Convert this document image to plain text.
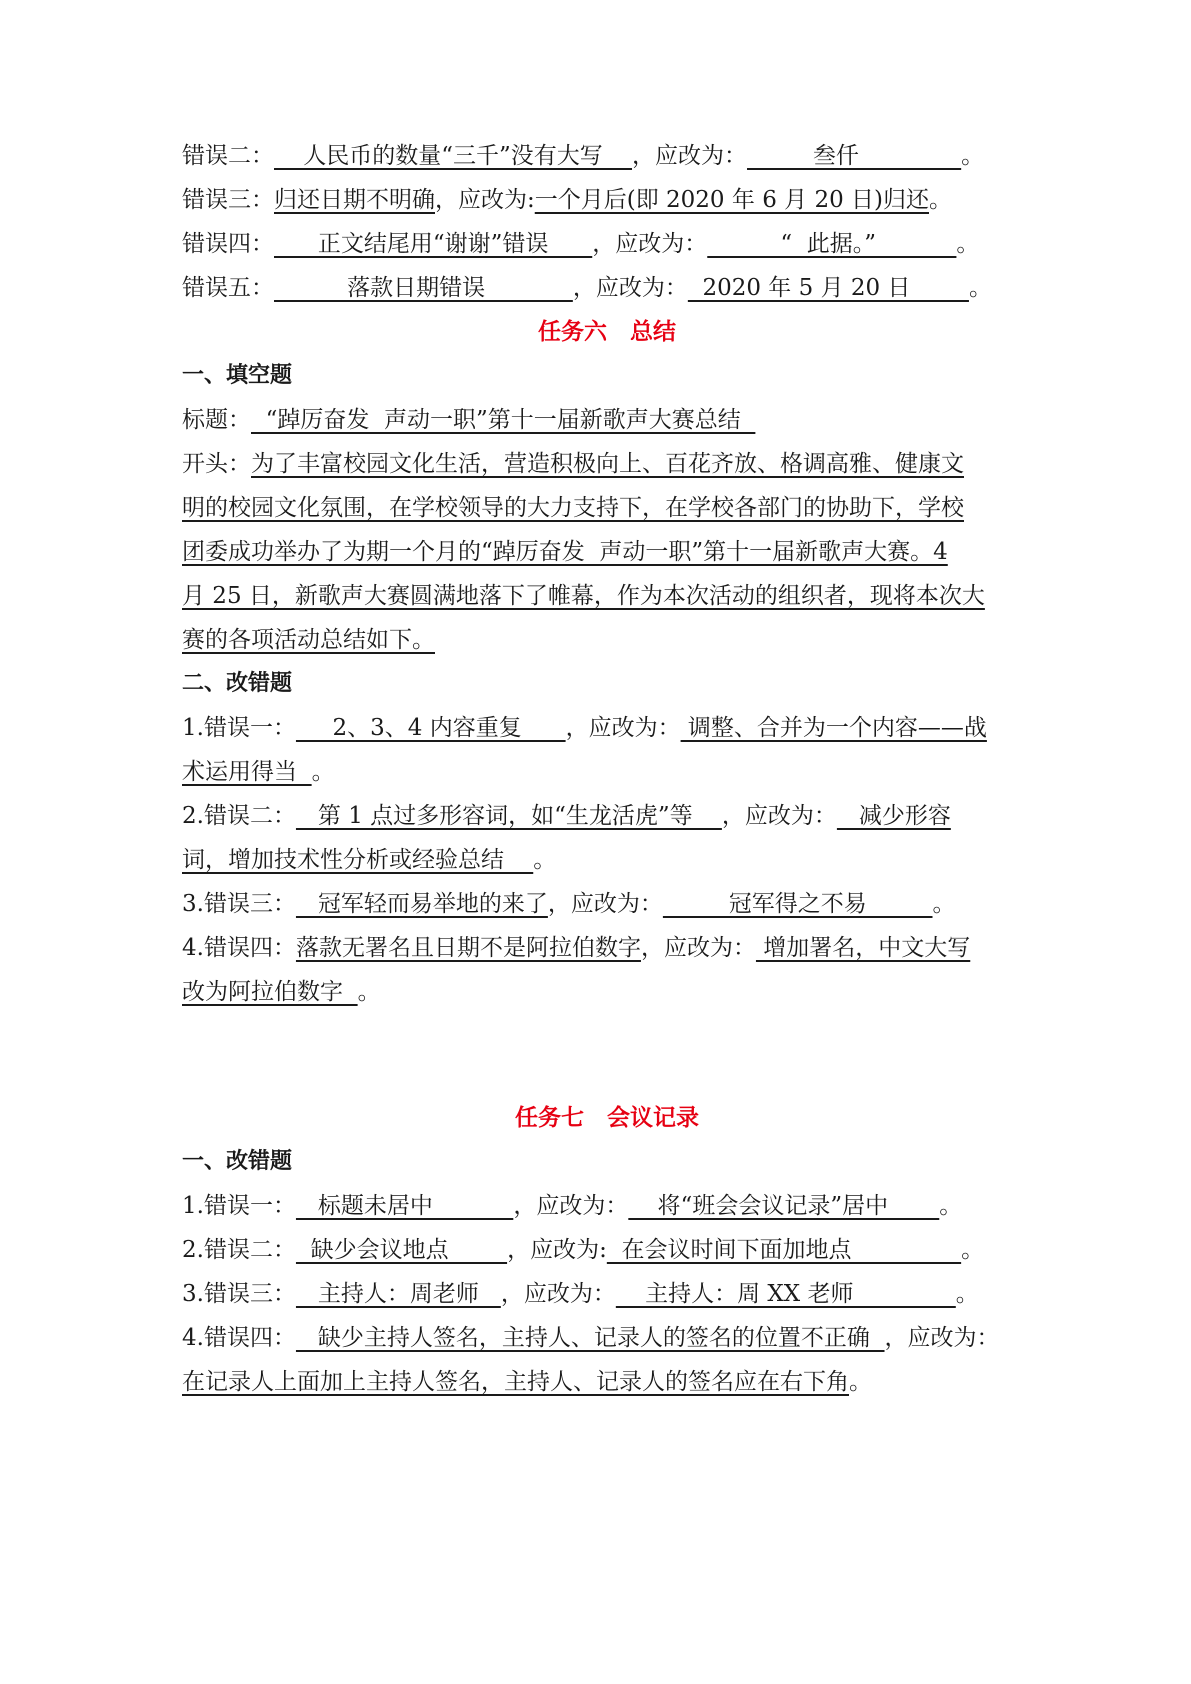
错误二：    人民币的数量“三千”没有大写    ，应改为：         叁仟              。
错误三：归还日期不明确，应改为:一个月后(即 2020 年 6 月 20 日)归还。
错误四：      正文结尾用“谢谢”错误      ，应改为：          “  此据。”           。
错误五：          落款日期错误            ，应改为：  2020 年 5 月 20 日        。
任务六　总结
一、填空题
标题：  “踔厉奋发  声动一职”第十一届新歌声大赛总结
开头：为了丰富校园文化生活，营造积极向上、百花齐放、格调高雅、健康文
明的校园文化氛围，在学校领导的大力支持下，在学校各部门的协助下，学校
团委成功举办了为期一个月的“踔厉奋发  声动一职”第十一届新歌声大赛。4
月 25 日，新歌声大赛圆满地落下了帷幕，作为本次活动的组织者，现将本次大
赛的各项活动总结如下。
二、改错题
1.错误一：     2、3、4 内容重复      ，应改为： 调整、合并为一个内容——战
术运用得当  。
2.错误二：   第 1 点过多形容词，如“生龙活虎”等    ，应改为：   减少形容
词，增加技术性分析或经验总结    。
3.错误三：   冠军轻而易举地的来了，应改为：         冠军得之不易         。
4.错误四：落款无署名且日期不是阿拉伯数字，应改为： 增加署名，中文大写
改为阿拉伯数字  。
任务七　会议记录
一、改错题
1.错误一：   标题未居中           ，应改为：    将“班会会议记录”居中       。
2.错误二：  缺少会议地点        ，应改为:  在会议时间下面加地点               。
3.错误三：   主持人：周老师   ，应改为：    主持人：周 XX 老师              。
4.错误四：   缺少主持人签名，主持人、记录人的签名的位置不正确  ，应改为：
在记录人上面加上主持人签名，主持人、记录人的签名应在右下角。
